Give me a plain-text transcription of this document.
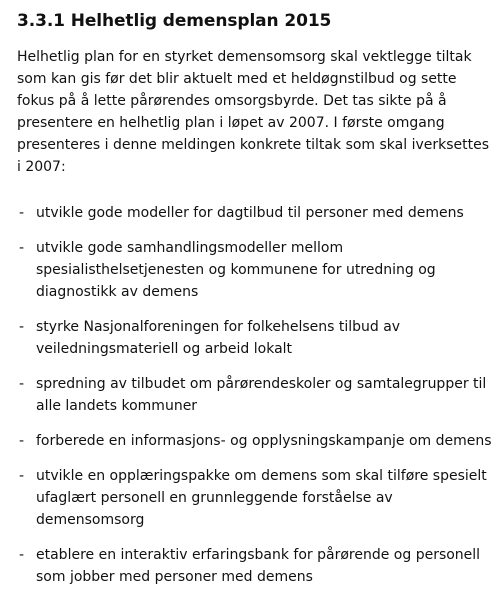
3.3.1 Helhetlig demensplan 2015

Helhetlig plan for en styrket demensomsorg skal vektlegge tiltak som kan gis før det blir aktuelt med et heldøgnstilbud og sette fokus på å lette pårørendes omsorgsbyrde. Det tas sikte på å presentere en helhetlig plan i løpet av 2007. I første omgang presenteres i denne meldingen konkrete tiltak som skal iverksettes i 2007:

- utvikle gode modeller for dagtilbud til personer med demens
- utvikle gode samhandlingsmodeller mellom spesialisthelsetjenesten og kommunene for utredning og diagnostikk av demens
- styrke Nasjonalforeningen for folkehelsens tilbud av veiledningsmateriell og arbeid lokalt
- spredning av tilbudet om pårørendeskoler og samtalegrupper til alle landets kommuner
- forberede en informasjons- og opplysningskampanje om demens
- utvikle en opplæringspakke om demens som skal tilføre spesielt ufaglært personell en grunnleggende forståelse av demensomsorg
- etablere en interaktiv erfaringsbank for pårørende og personell som jobber med personer med demens
